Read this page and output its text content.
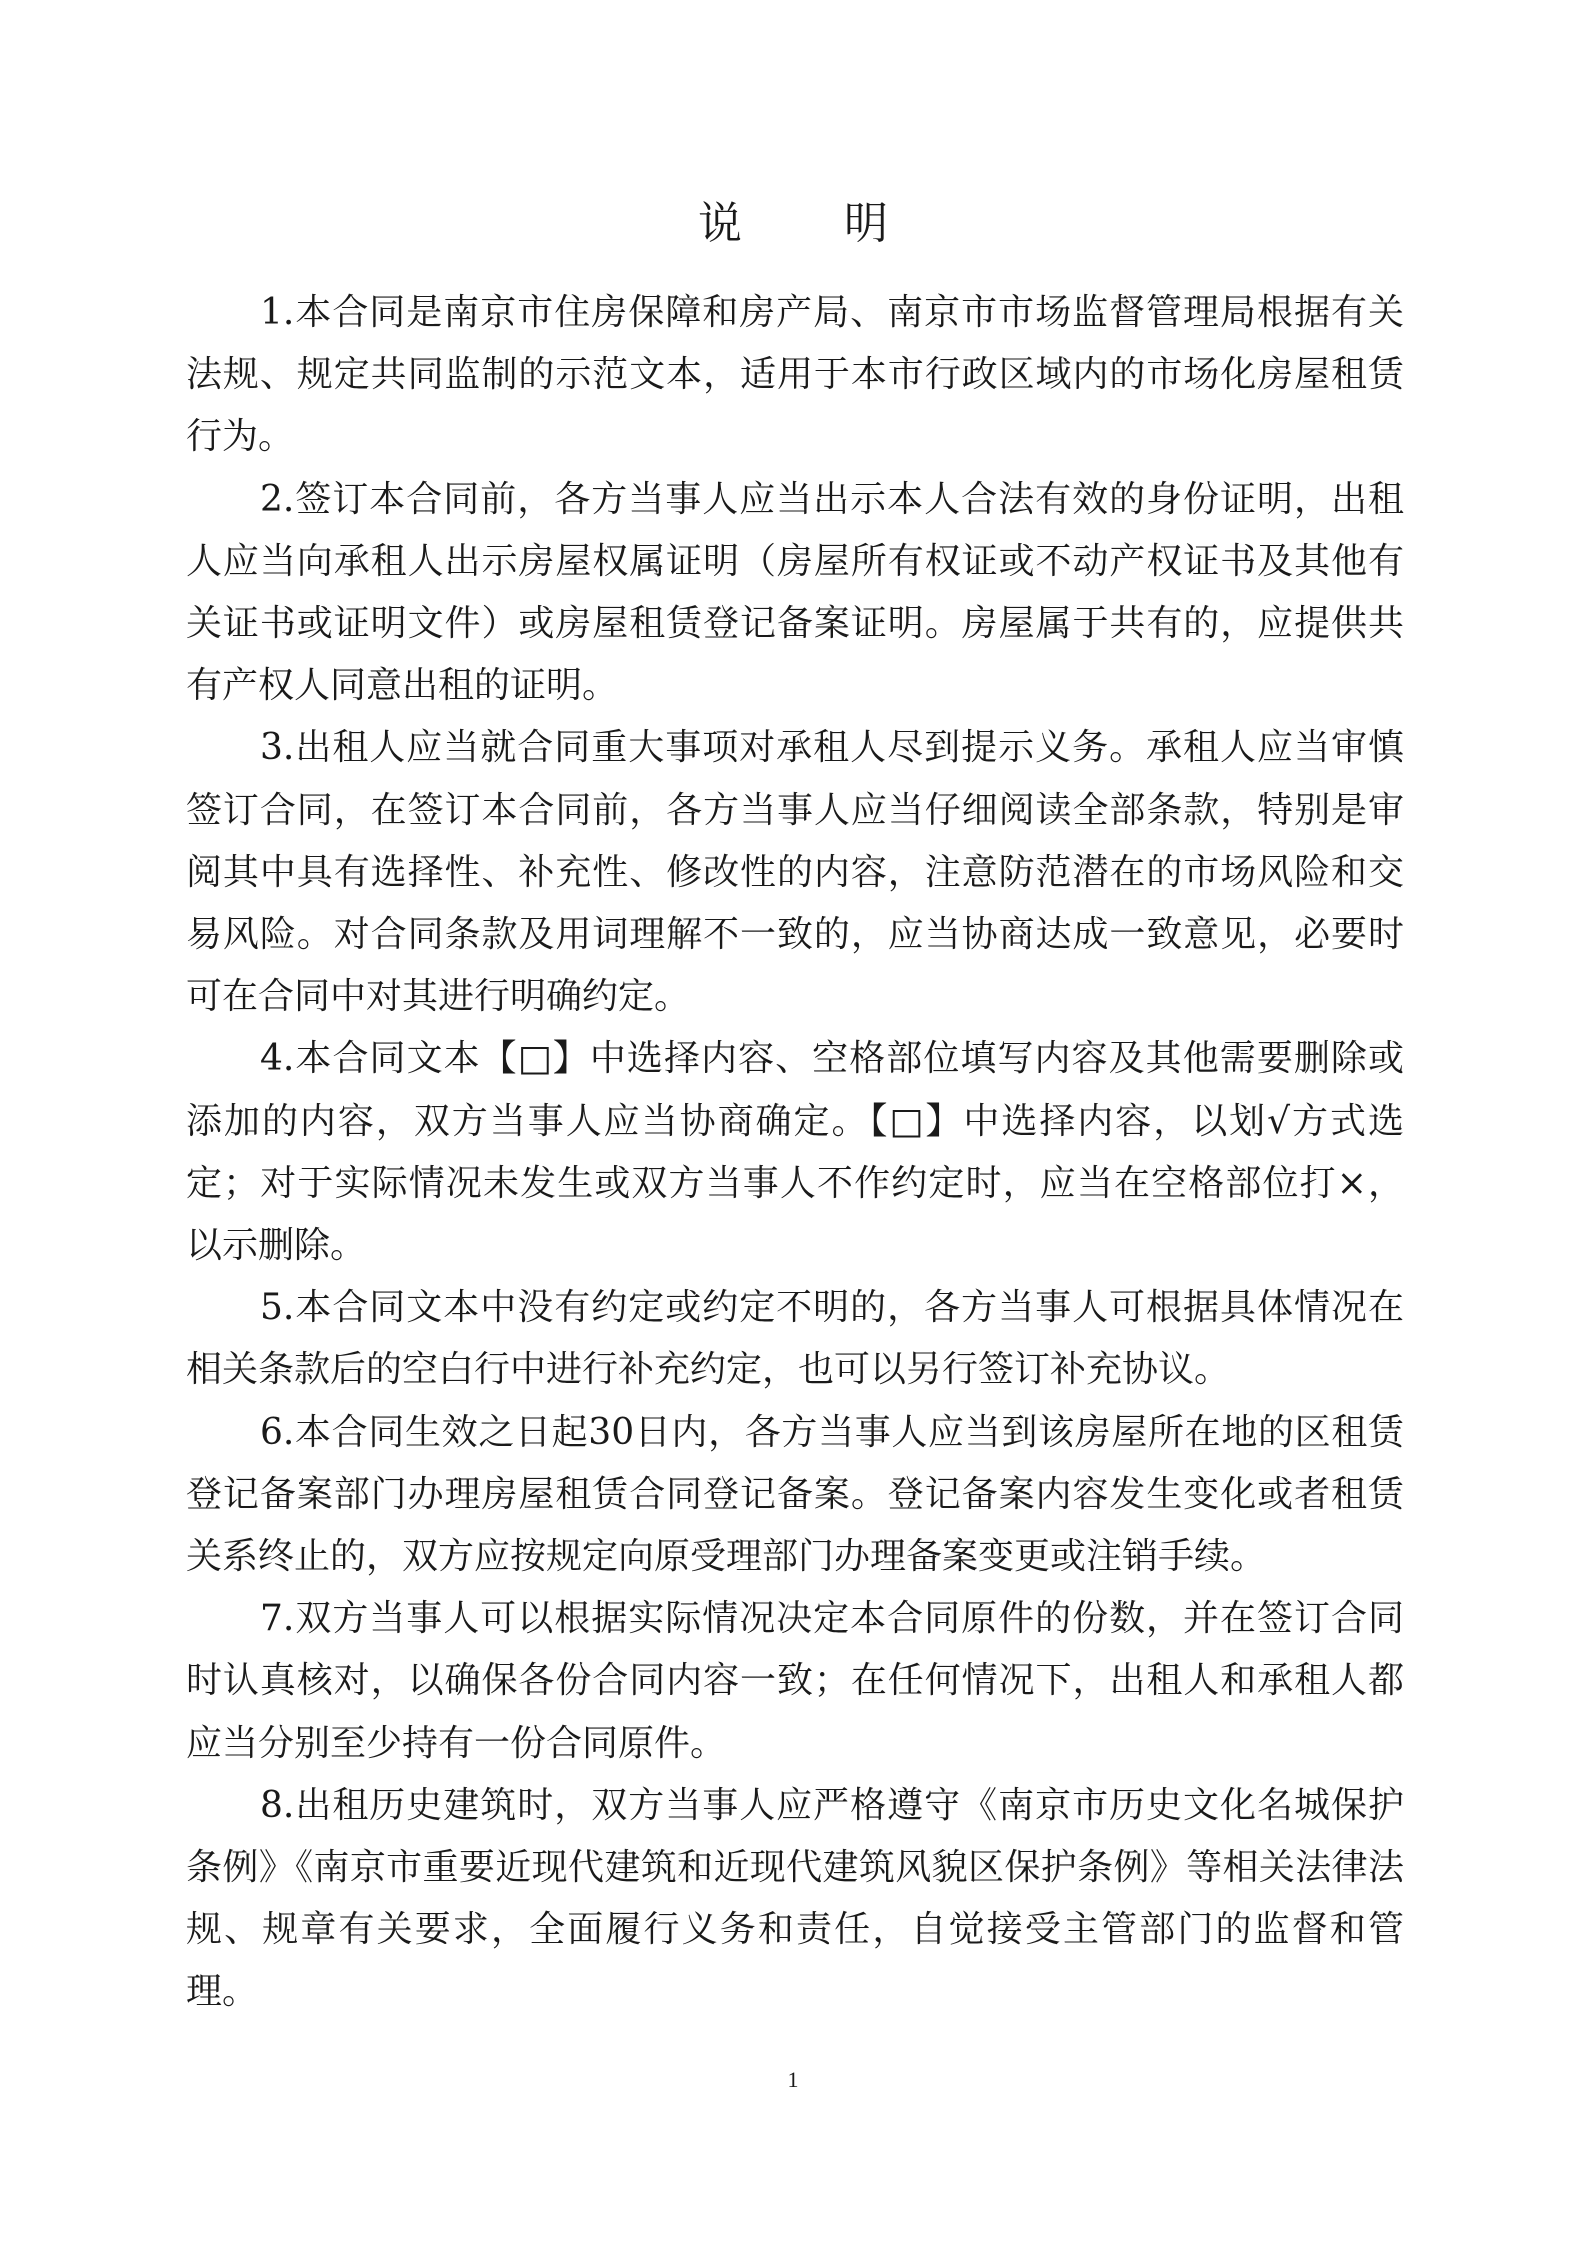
说 明

1.本合同是南京市住房保障和房产局、南京市市场监督管理局根据有关法规、规定共同监制的示范文本，适用于本市行政区域内的市场化房屋租赁行为。

2.签订本合同前，各方当事人应当出示本人合法有效的身份证明，出租人应当向承租人出示房屋权属证明（房屋所有权证或不动产权证书及其他有关证书或证明文件）或房屋租赁登记备案证明。房屋属于共有的，应提供共有产权人同意出租的证明。

3.出租人应当就合同重大事项对承租人尽到提示义务。承租人应当审慎签订合同，在签订本合同前，各方当事人应当仔细阅读全部条款，特别是审阅其中具有选择性、补充性、修改性的内容，注意防范潜在的市场风险和交易风险。对合同条款及用词理解不一致的，应当协商达成一致意见，必要时可在合同中对其进行明确约定。

4.本合同文本【□】中选择内容、空格部位填写内容及其他需要删除或添加的内容，双方当事人应当协商确定。【□】中选择内容，以划√方式选定；对于实际情况未发生或双方当事人不作约定时，应当在空格部位打×，以示删除。

5.本合同文本中没有约定或约定不明的，各方当事人可根据具体情况在相关条款后的空白行中进行补充约定，也可以另行签订补充协议。

6.本合同生效之日起30日内，各方当事人应当到该房屋所在地的区租赁登记备案部门办理房屋租赁合同登记备案。登记备案内容发生变化或者租赁关系终止的，双方应按规定向原受理部门办理备案变更或注销手续。

7.双方当事人可以根据实际情况决定本合同原件的份数，并在签订合同时认真核对，以确保各份合同内容一致；在任何情况下，出租人和承租人都应当分别至少持有一份合同原件。

8.出租历史建筑时，双方当事人应严格遵守《南京市历史文化名城保护条例》《南京市重要近现代建筑和近现代建筑风貌区保护条例》等相关法律法规、规章有关要求，全面履行义务和责任，自觉接受主管部门的监督和管理。

1
